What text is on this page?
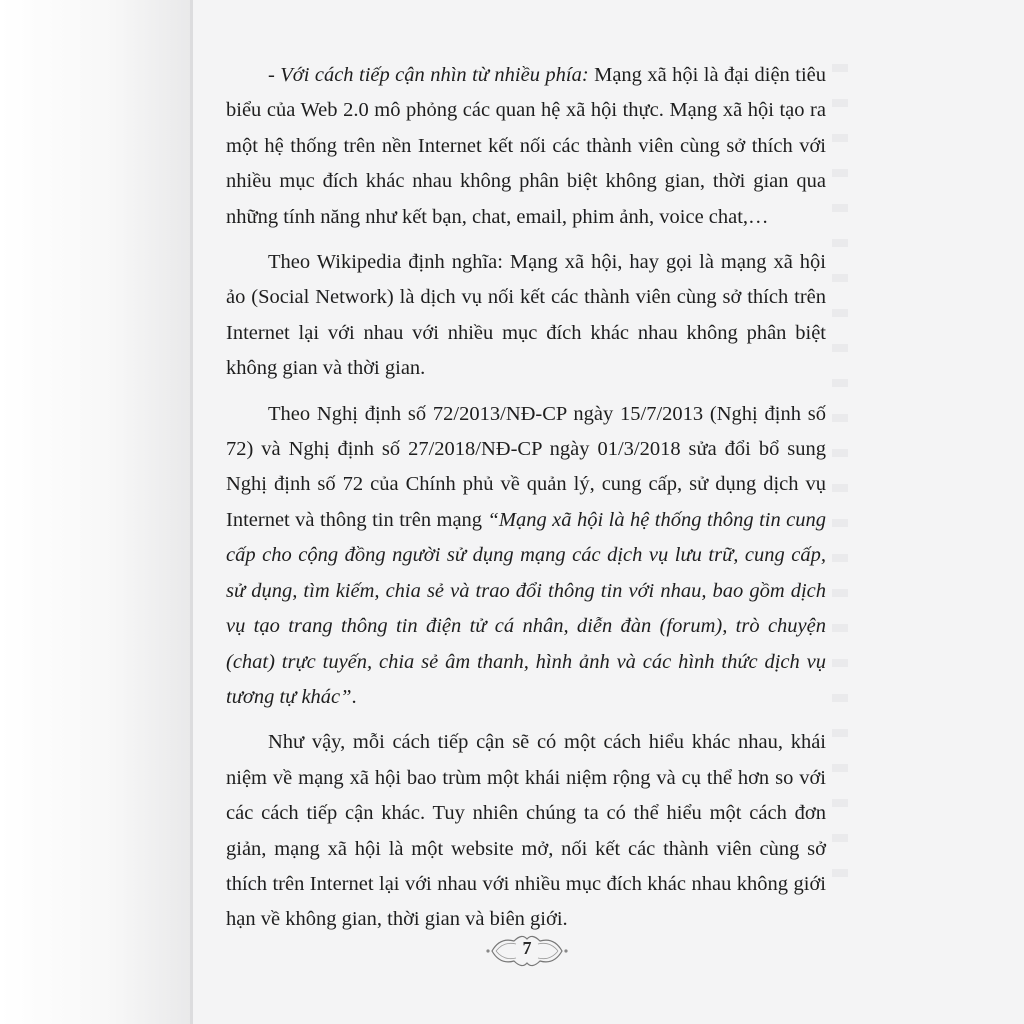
- Với cách tiếp cận nhìn từ nhiều phía: Mạng xã hội là đại diện tiêu biểu của Web 2.0 mô phỏng các quan hệ xã hội thực. Mạng xã hội tạo ra một hệ thống trên nền Internet kết nối các thành viên cùng sở thích với nhiều mục đích khác nhau không phân biệt không gian, thời gian qua những tính năng như kết bạn, chat, email, phim ảnh, voice chat,…

Theo Wikipedia định nghĩa: Mạng xã hội, hay gọi là mạng xã hội ảo (Social Network) là dịch vụ nối kết các thành viên cùng sở thích trên Internet lại với nhau với nhiều mục đích khác nhau không phân biệt không gian và thời gian.

Theo Nghị định số 72/2013/NĐ-CP ngày 15/7/2013 (Nghị định số 72) và Nghị định số 27/2018/NĐ-CP ngày 01/3/2018 sửa đổi bổ sung Nghị định số 72 của Chính phủ về quản lý, cung cấp, sử dụng dịch vụ Internet và thông tin trên mạng “Mạng xã hội là hệ thống thông tin cung cấp cho cộng đồng người sử dụng mạng các dịch vụ lưu trữ, cung cấp, sử dụng, tìm kiếm, chia sẻ và trao đổi thông tin với nhau, bao gồm dịch vụ tạo trang thông tin điện tử cá nhân, diễn đàn (forum), trò chuyện (chat) trực tuyến, chia sẻ âm thanh, hình ảnh và các hình thức dịch vụ tương tự khác”.

Như vậy, mỗi cách tiếp cận sẽ có một cách hiểu khác nhau, khái niệm về mạng xã hội bao trùm một khái niệm rộng và cụ thể hơn so với các cách tiếp cận khác. Tuy nhiên chúng ta có thể hiểu một cách đơn giản, mạng xã hội là một website mở, nối kết các thành viên cùng sở thích trên Internet lại với nhau với nhiều mục đích khác nhau không giới hạn về không gian, thời gian và biên giới.

7
